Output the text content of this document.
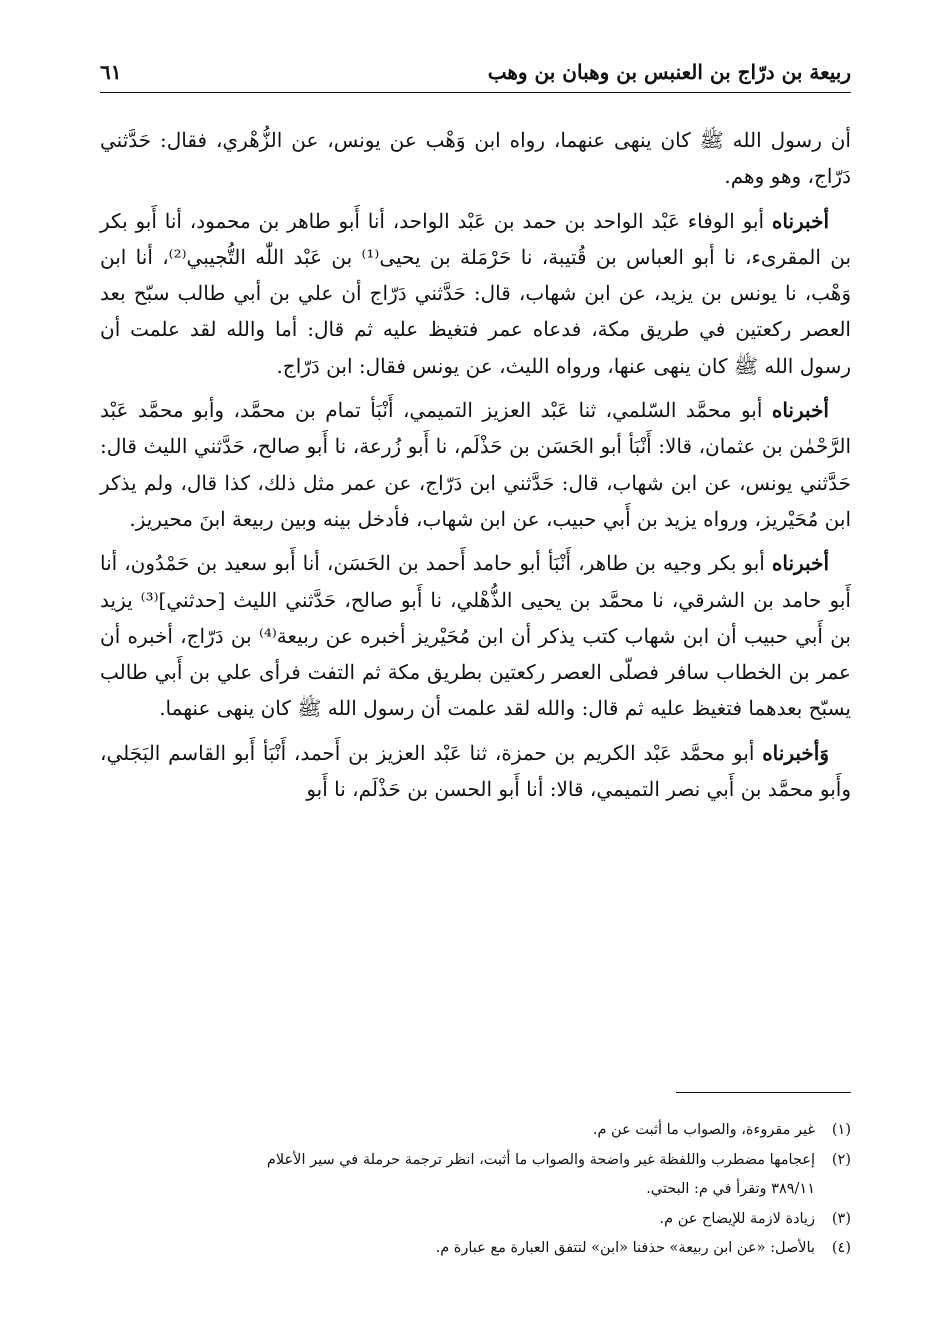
ربيعة بن درّاج بن العنبس بن وهبان بن وهب
٦١

أن رسول الله ﷺ كان ينهى عنهما، رواه ابن وَهْب عن يونس، عن الزُّهْري، فقال: حَدَّثني دَرّاج، وهو وهم.

أخبرناه أبو الوفاء عَبْد الواحد بن حمد بن عَبْد الواحد، أنا أَبو طاهر بن محمود، أنا أَبو بكر بن المقرىء، نا أبو العباس بن قُتيبة، نا حَرْمَلة بن يحيى⁽¹⁾ بن عَبْد اللّٰه التُّجيبي⁽²⁾، أنا ابن وَهْب، نا يونس بن يزيد، عن ابن شهاب، قال: حَدَّثني دَرّاج أن علي بن أبي طالب سبّح بعد العصر ركعتين في طريق مكة، فدعاه عمر فتغيظ عليه ثم قال: أما والله لقد علمت أن رسول الله ﷺ كان ينهى عنها، ورواه الليث، عن يونس فقال: ابن دَرّاج.

أخبرناه أبو محمَّد السّلمي، ثنا عَبْد العزيز التميمي، أَنْبَأ تمام بن محمَّد، وأبو محمَّد عَبْد الرَّحْمٰن بن عثمان، قالا: أَنْبَأ أبو الحَسَن بن حَذْلَم، نا أَبو زُرعة، نا أَبو صالح، حَدَّثني الليث قال: حَدَّثني يونس، عن ابن شهاب، قال: حَدَّثني ابن دَرّاج، عن عمر مثل ذلك، كذا قال، ولم يذكر ابن مُحَيْريز، ورواه يزيد بن أَبي حبيب، عن ابن شهاب، فأدخل بينه وبين ربيعة ابنَ محيريز.

أخبرناه أبو بكر وجيه بن طاهر، أَنْبَأ أبو حامد أَحمد بن الحَسَن، أنا أَبو سعيد بن حَمْدُون، أنا أَبو حامد بن الشرقي، نا محمَّد بن يحيى الذُّهْلي، نا أَبو صالح، حَدَّثني الليث [حدثني]⁽³⁾ يزيد بن أَبي حبيب أن ابن شهاب كتب يذكر أن ابن مُحَيْريز أخبره عن ربيعة⁽⁴⁾ بن دَرّاج، أخبره أن عمر بن الخطاب سافر فصلّى العصر ركعتين بطريق مكة ثم التفت فرأى علي بن أَبي طالب يسبّح بعدهما فتغيظ عليه ثم قال: والله لقد علمت أن رسول الله ﷺ كان ينهى عنهما.

وَأخبرناه أبو محمَّد عَبْد الكريم بن حمزة، ثنا عَبْد العزيز بن أَحمد، أَنْبَأ أَبو القاسم البَجَلي، وأَبو محمَّد بن أَبي نصر التميمي، قالا: أنا أَبو الحسن بن حَذْلَم، نا أَبو

(١)
غير مقروءة، والصواب ما أثبت عن م.
(٢)
إعجامها مضطرب واللفظة غير واضحة والصواب ما أثبت، انظر ترجمة حرملة في سير الأعلام
٣٨٩/١١ وتقرأ في م: البحتي.
(٣)
زيادة لازمة للإيضاح عن م.
(٤)
بالأصل: «عن ابن ربيعة» حذفنا «ابن» لتتفق العبارة مع عبارة م.
